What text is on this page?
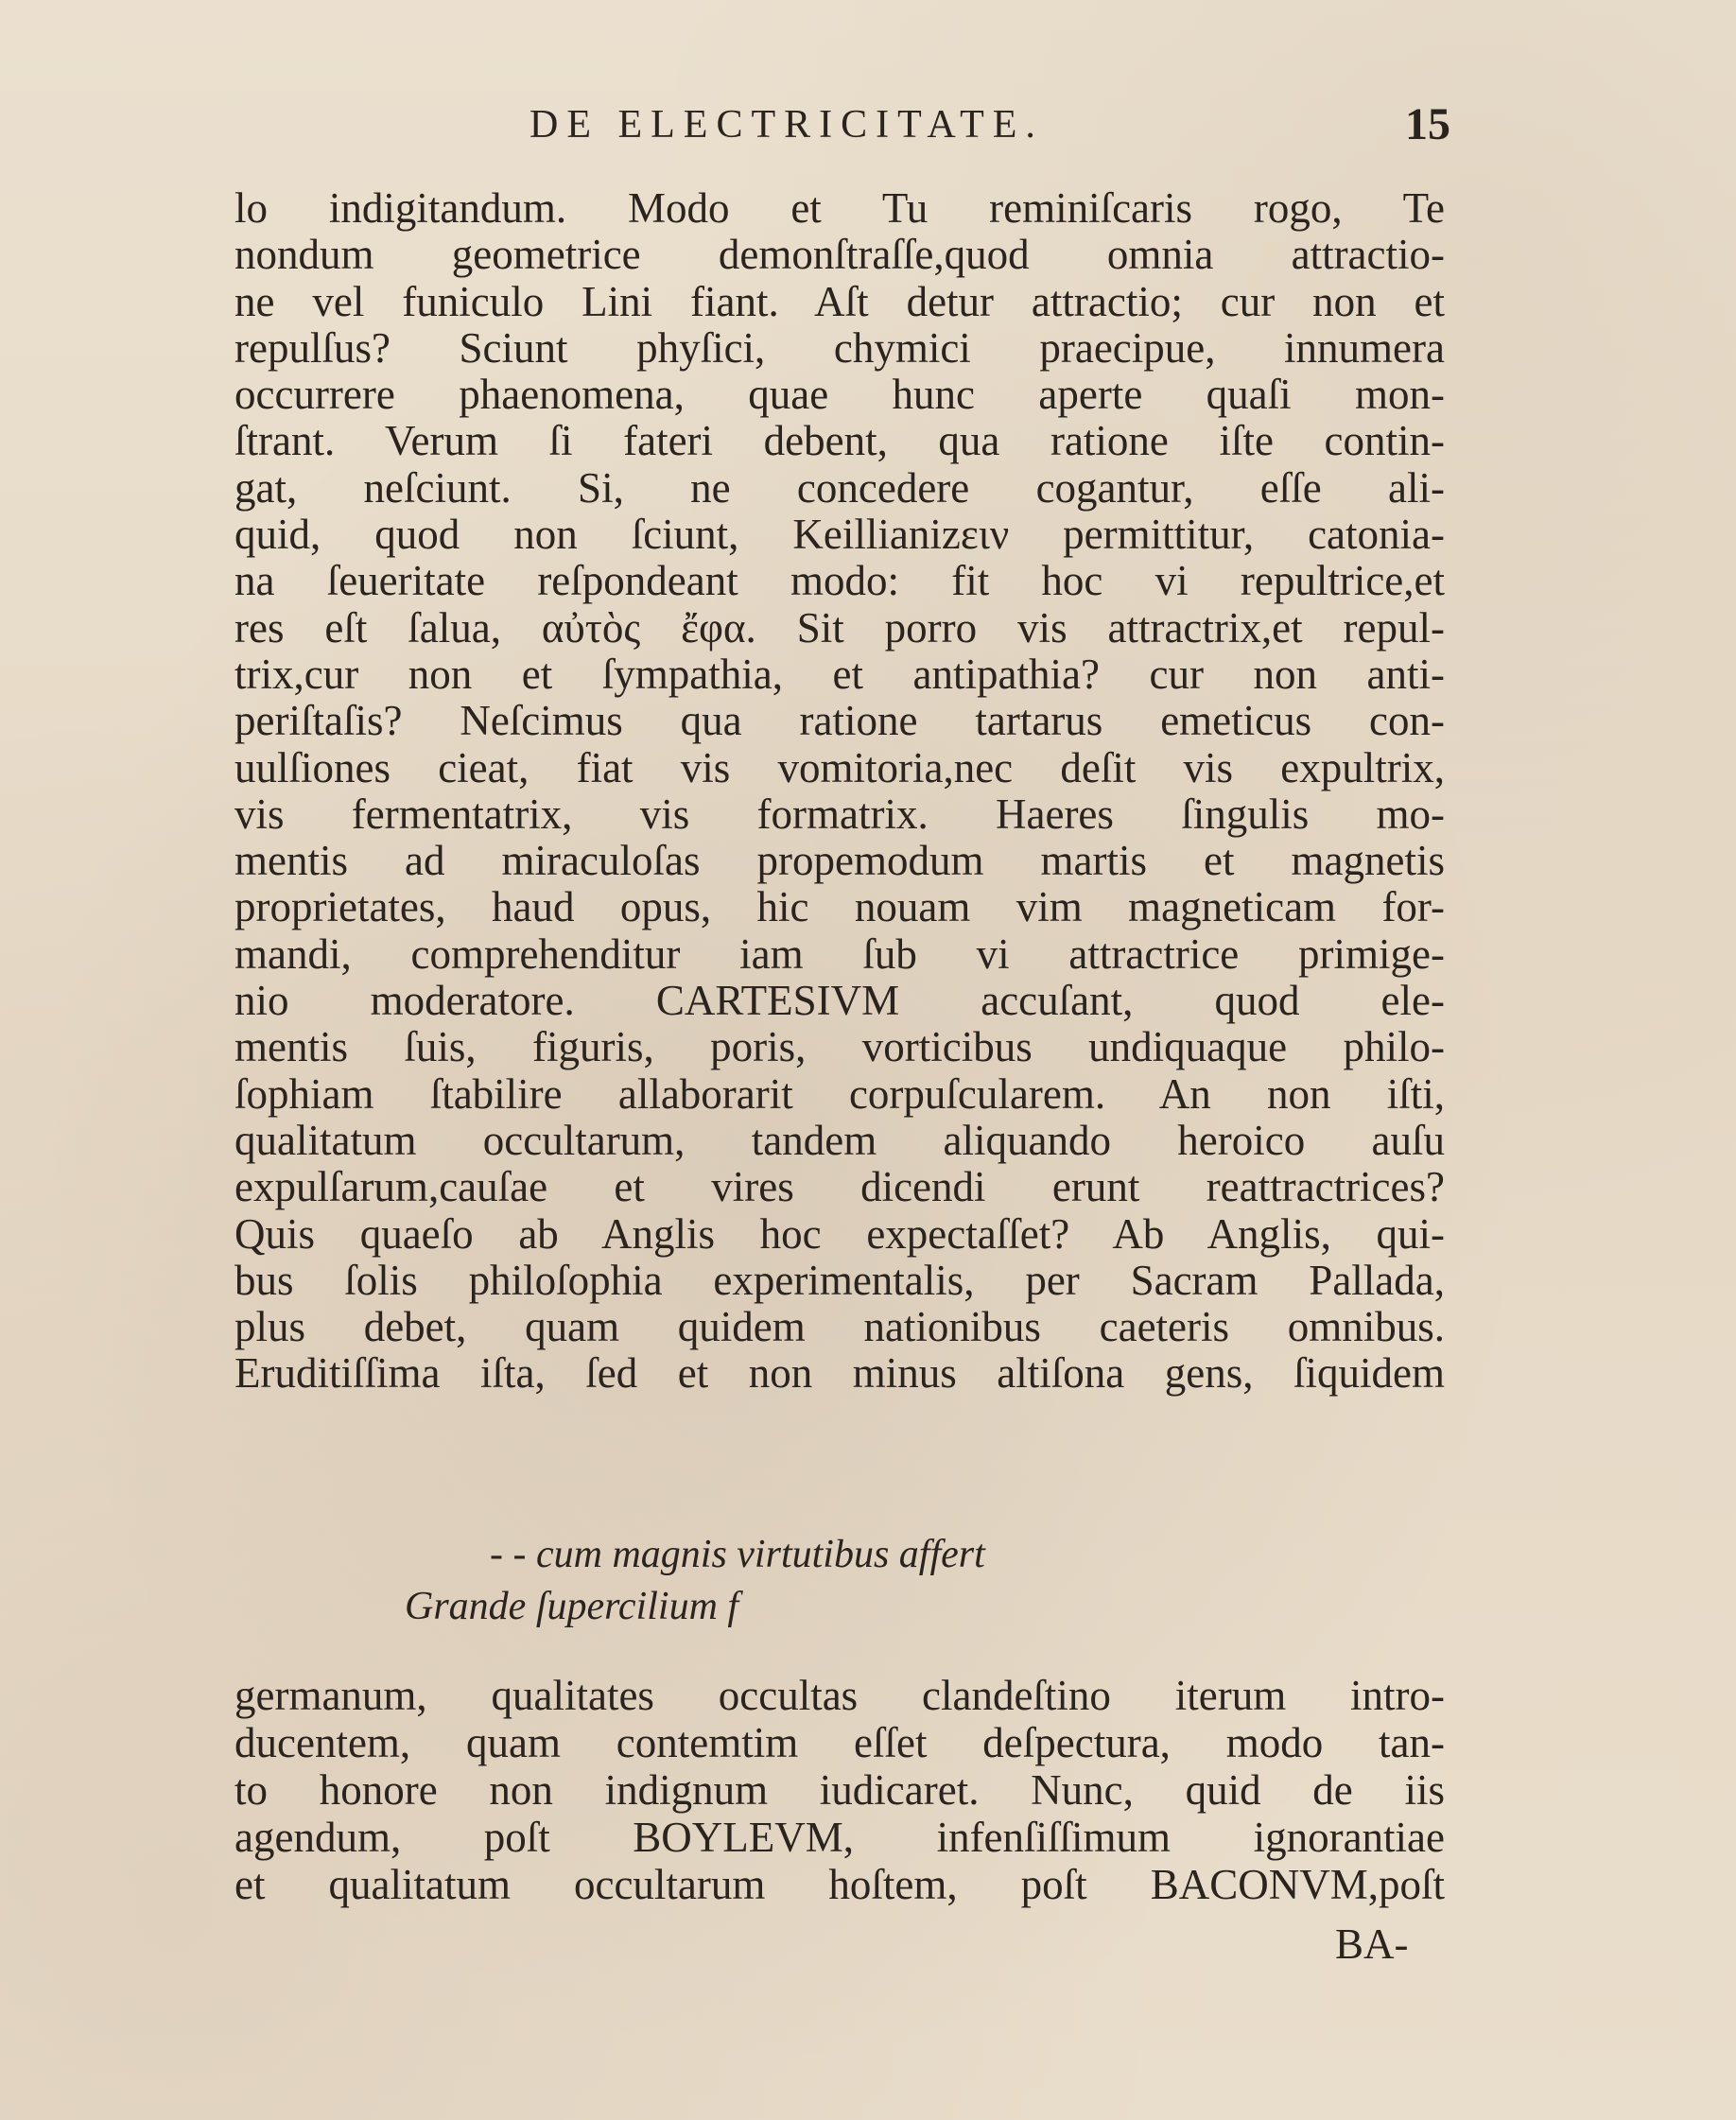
DE ELECTRICITATE.	15
lo indigitandum. Modo et Tu reminiſcaris rogo, Te
nondum geometrice demonſtraſſe,quod omnia attractio-
ne vel funiculo Lini fiant. Aſt detur attractio; cur non et
repulſus? Sciunt phyſici, chymici praecipue, innumera
occurrere phaenomena, quae hunc aperte quaſi mon-
ſtrant. Verum ſi fateri debent, qua ratione iſte contin-
gat, neſciunt. Si, ne concedere cogantur, eſſe ali-
quid, quod non ſciunt, Keillianizειν permittitur, catonia-
na ſeueritate reſpondeant modo: fit hoc vi repultrice,et
res eſt ſalua, αὐτὸς ἔφα. Sit porro vis attractrix,et repul-
trix,cur non et ſympathia, et antipathia? cur non anti-
periſtaſis? Neſcimus qua ratione tartarus emeticus con-
uulſiones cieat, fiat vis vomitoria,nec deſit vis expultrix,
vis fermentatrix, vis formatrix. Haeres ſingulis mo-
mentis ad miraculoſas propemodum martis et magnetis
proprietates, haud opus, hic nouam vim magneticam for-
mandi, comprehenditur iam ſub vi attractrice primige-
nio moderatore. CARTESIVM accuſant, quod ele-
mentis ſuis, figuris, poris, vorticibus undiquaque philo-
ſophiam ſtabilire allaborarit corpuſcularem. An non iſti,
qualitatum occultarum, tandem aliquando heroico auſu
expulſarum,cauſae et vires dicendi erunt reattractrices?
Quis quaeſo ab Anglis hoc expectaſſet? Ab Anglis, qui-
bus ſolis philoſophia experimentalis, per Sacram Pallada,
plus debet, quam quidem nationibus caeteris omnibus.
Eruditiſſima iſta, ſed et non minus altiſona gens, ſiquidem
- - cum magnis virtutibus affert
Grande ſupercilium f
germanum, qualitates occultas clandeſtino iterum intro-
ducentem, quam contemtim eſſet deſpectura, modo tan-
to honore non indignum iudicaret. Nunc, quid de iis
agendum, poſt BOYLEVM, infenſiſſimum ignorantiae
et qualitatum occultarum hoſtem, poſt BACONVM,poſt
BA-
